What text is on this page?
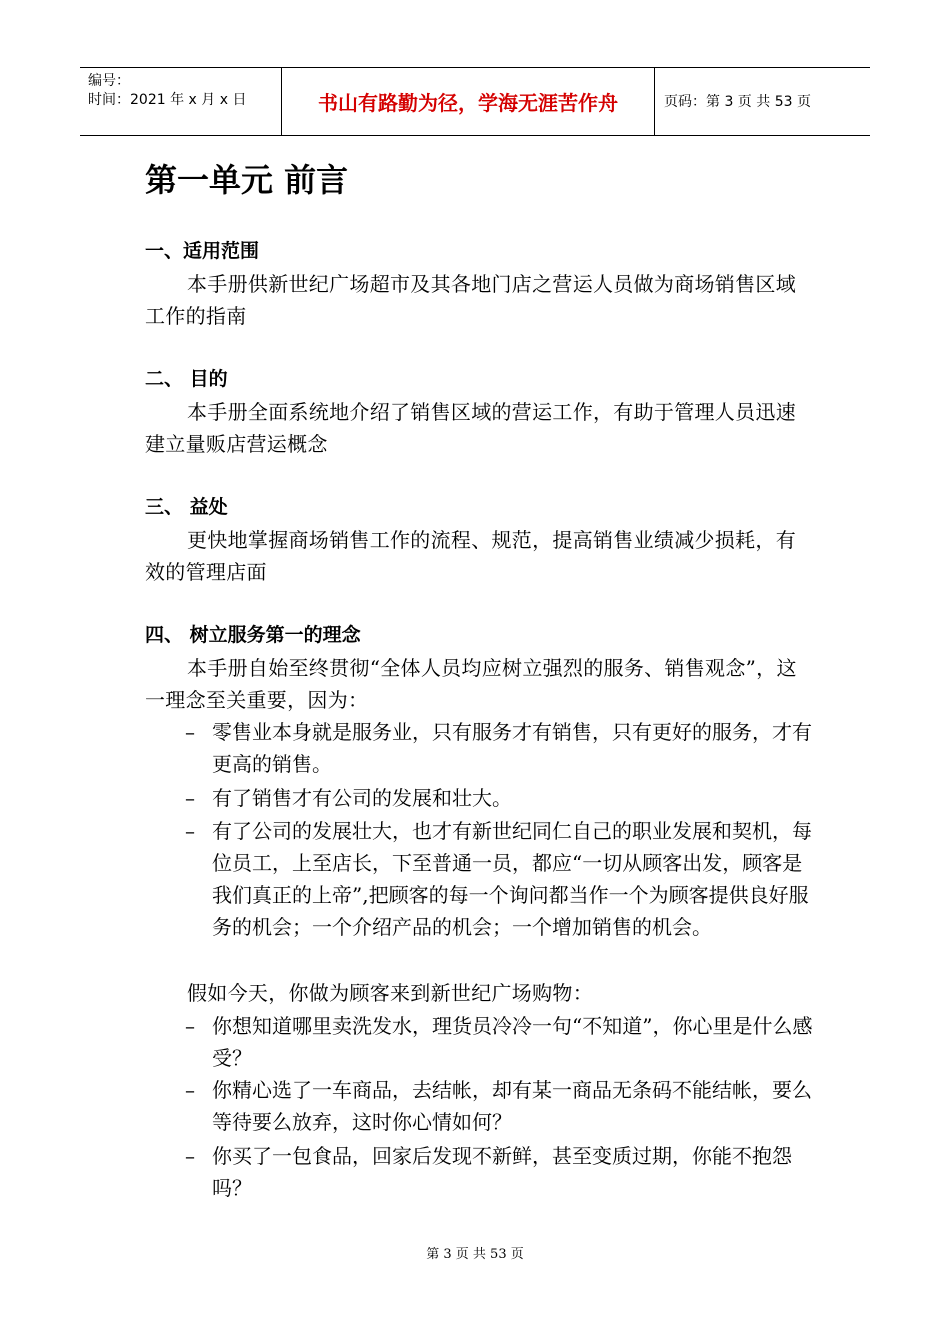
编号：
时间：2021 年 x 月 x 日	书山有路勤为径，学海无涯苦作舟	页码：第 3 页 共 53 页
第一单元 前言
一、适用范围
本手册供新世纪广场超市及其各地门店之营运人员做为商场销售区域工作的指南
二、 目的
本手册全面系统地介绍了销售区域的营运工作，有助于管理人员迅速建立量贩店营运概念
三、 益处
更快地掌握商场销售工作的流程、规范，提高销售业绩减少损耗，有效的管理店面
四、 树立服务第一的理念
本手册自始至终贯彻“全体人员均应树立强烈的服务、销售观念”，这一理念至关重要，因为：
– 零售业本身就是服务业，只有服务才有销售，只有更好的服务，才有更高的销售。
– 有了销售才有公司的发展和壮大。
– 有了公司的发展壮大，也才有新世纪同仁自己的职业发展和契机，每位员工，上至店长，下至普通一员，都应“一切从顾客出发，顾客是我们真正的上帝”,把顾客的每一个询问都当作一个为顾客提供良好服务的机会；一个介绍产品的机会；一个增加销售的机会。
假如今天，你做为顾客来到新世纪广场购物：
– 你想知道哪里卖洗发水，理货员冷冷一句“不知道”，你心里是什么感受？
– 你精心选了一车商品，去结帐，却有某一商品无条码不能结帐，要么等待要么放弃，这时你心情如何？
– 你买了一包食品，回家后发现不新鲜，甚至变质过期，你能不抱怨吗？
第 3 页 共 53 页
